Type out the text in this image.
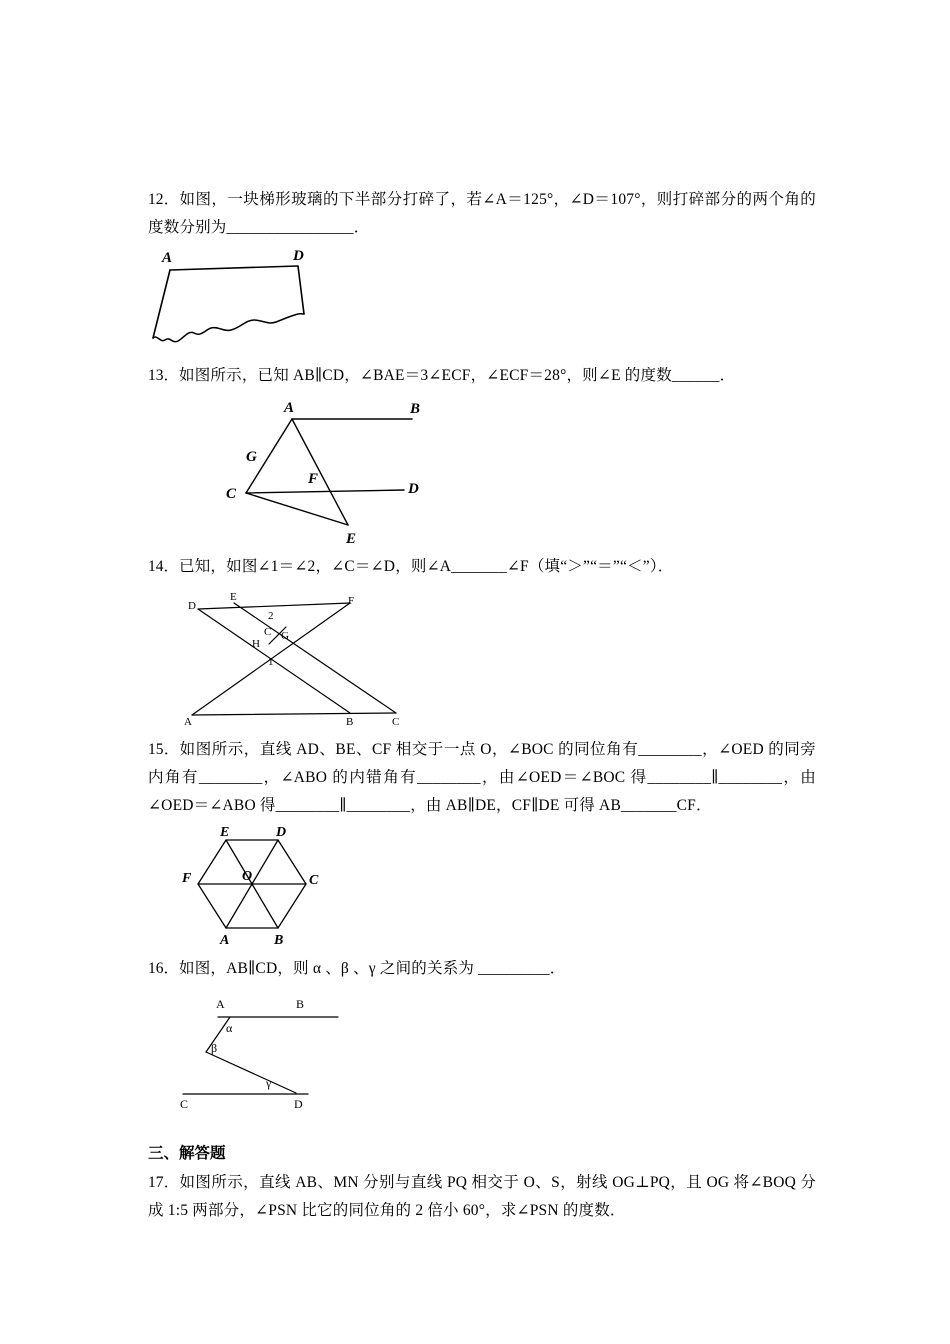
12．如图，一块梯形玻璃的下半部分打碎了，若∠A＝125°，∠D＝107°，则打碎部分的两个角的度数分别为________________．
A	D
13．如图所示，已知 AB∥CD，∠BAE＝3∠ECF，∠ECF＝28°，则∠E 的度数______．
A	B
G
F
C	D
E
14．已知，如图∠1＝∠2，∠C＝∠D，则∠A_______∠F（填“＞”“＝”“＜”）．
D
E	F
2
C G
H
1
A	B	C
15．如图所示，直线 AD、BE、CF 相交于一点 O，∠BOC 的同位角有________，∠OED 的同旁内角有________，∠ABO 的内错角有________，由∠OED＝∠BOC 得________∥________，由∠OED＝∠ABO 得________∥________，由 AB∥DE，CF∥DE 可得 AB_______CF．
E	D
F	O	C
A	B
16．如图，AB∥CD，则 α 、β 、γ 之间的关系为 _________．
A	B
α
β
γ
C	D
三、解答题
17．如图所示，直线 AB、MN 分别与直线 PQ 相交于 O、S，射线 OG⊥PQ，且 OG 将∠BOQ 分成 1:5 两部分，∠PSN 比它的同位角的 2 倍小 60°，求∠PSN 的度数．
